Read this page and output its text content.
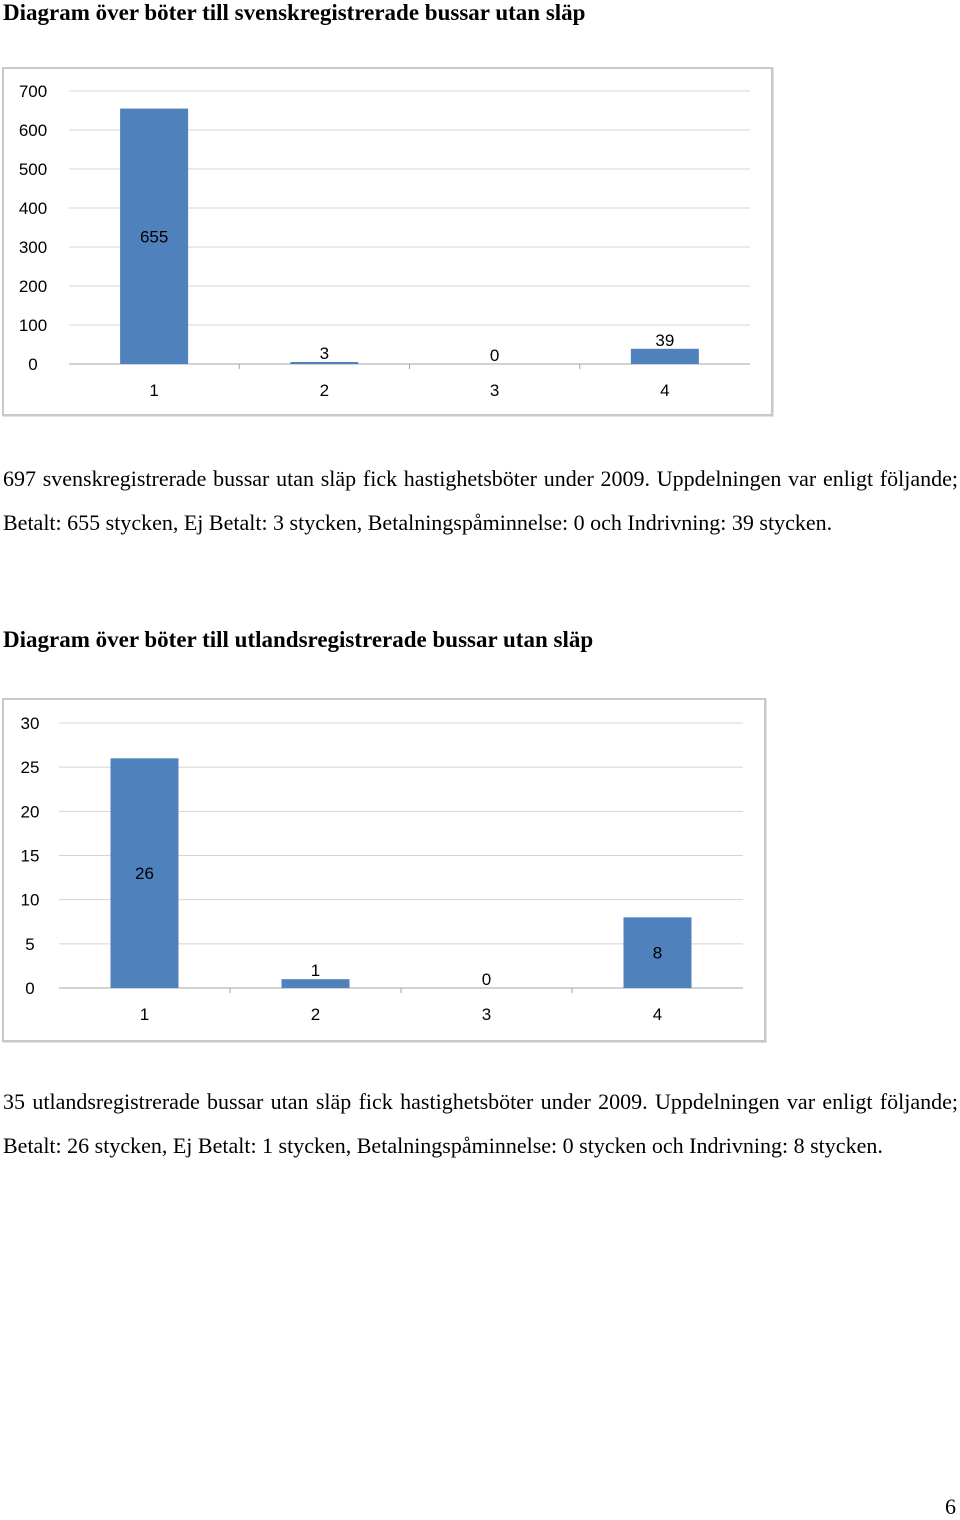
Diagram över böter till svenskregistrerade bussar utan släp
0
100
200
300
400
500
600
700
655
1
3
2
0
3
39
4

697 svenskregistrerade bussar utan släp fick hastighetsböter under 2009. Uppdelningen var enligt följande; Betalt: 655 stycken, Ej Betalt: 3 stycken, Betalningspåminnelse: 0 och Indrivning: 39 stycken.

Diagram över böter till utlandsregistrerade bussar utan släp
0
5
10
15
20
25
30
26
1
1
2
0
3
8
4

35 utlandsregistrerade bussar utan släp fick hastighetsböter under 2009. Uppdelningen var enligt följande; Betalt: 26 stycken, Ej Betalt: 1 stycken, Betalningspåminnelse: 0 stycken och Indrivning: 8 stycken.

6
